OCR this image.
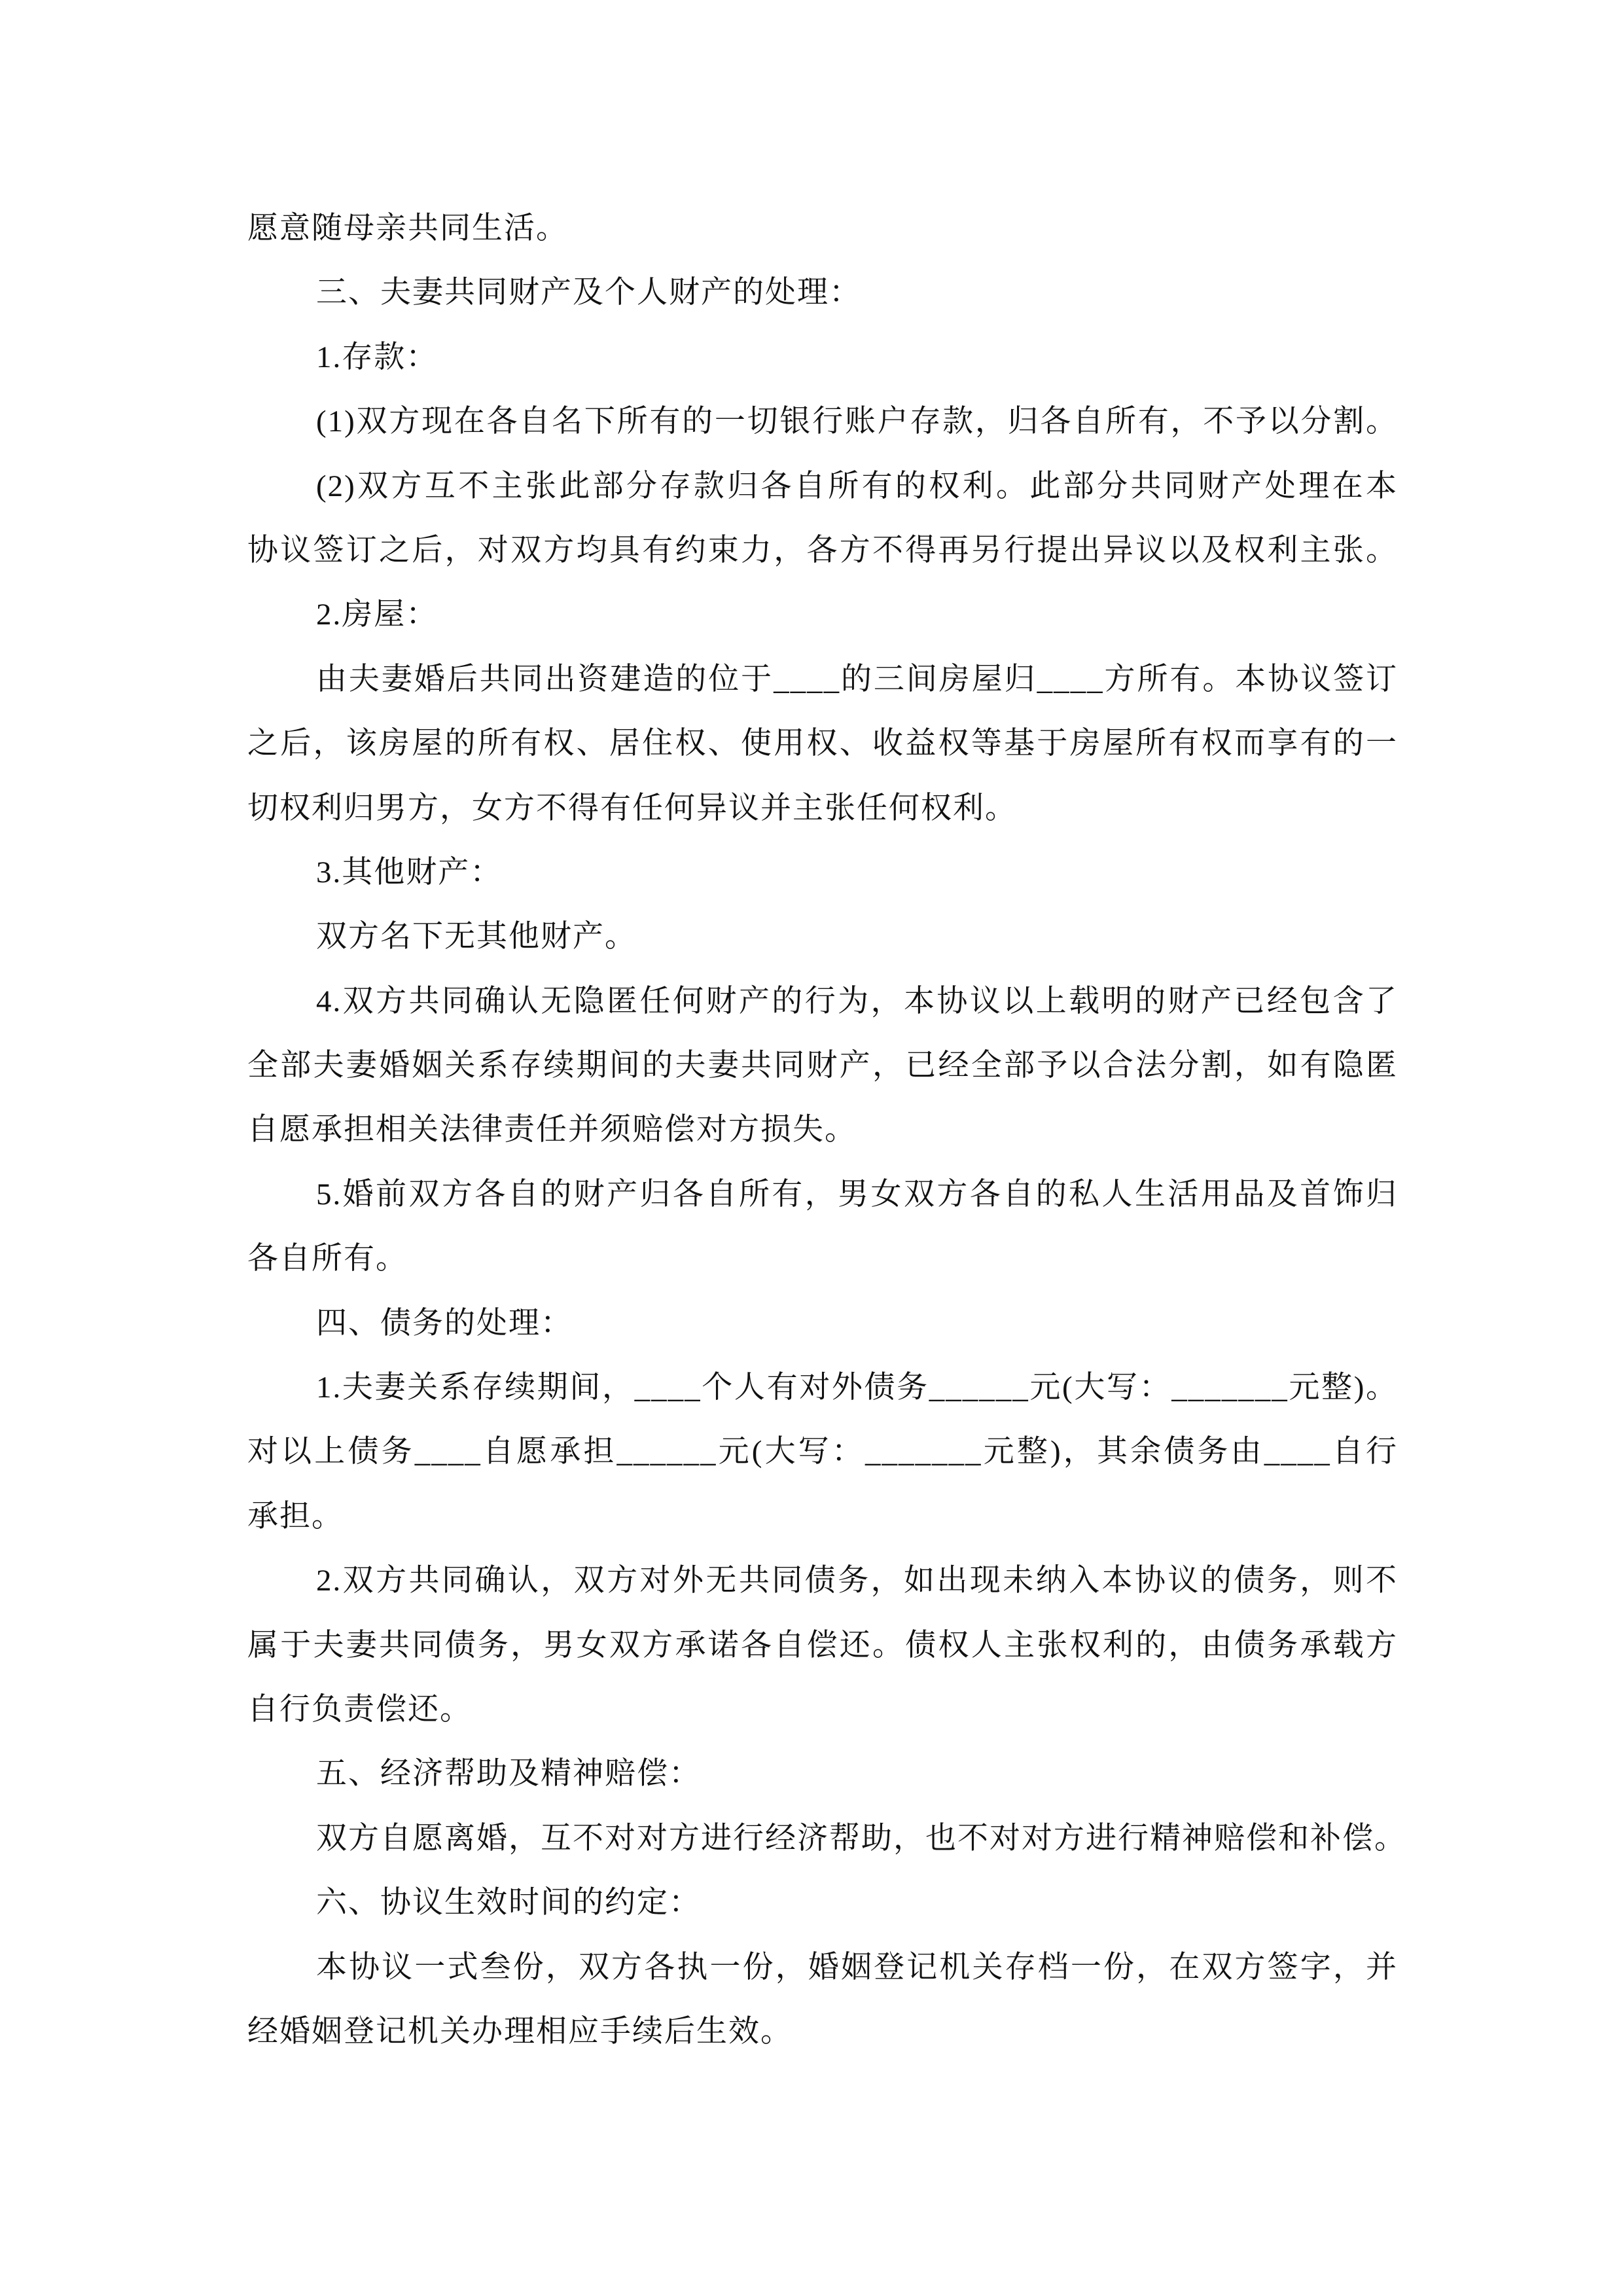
愿意随母亲共同生活。
三、夫妻共同财产及个人财产的处理：
1.存款：
(1)双方现在各自名下所有的一切银行账户存款，归各自所有，不予以分割。
(2)双方互不主张此部分存款归各自所有的权利。此部分共同财产处理在本
协议签订之后，对双方均具有约束力，各方不得再另行提出异议以及权利主张。
2.房屋：
由夫妻婚后共同出资建造的位于____的三间房屋归____方所有。本协议签订
之后，该房屋的所有权、居住权、使用权、收益权等基于房屋所有权而享有的一
切权利归男方，女方不得有任何异议并主张任何权利。
3.其他财产：
双方名下无其他财产。
4.双方共同确认无隐匿任何财产的行为，本协议以上载明的财产已经包含了
全部夫妻婚姻关系存续期间的夫妻共同财产，已经全部予以合法分割，如有隐匿
自愿承担相关法律责任并须赔偿对方损失。
5.婚前双方各自的财产归各自所有，男女双方各自的私人生活用品及首饰归
各自所有。
四、债务的处理：
1.夫妻关系存续期间，____个人有对外债务______元(大写：_______元整)。
对以上债务____自愿承担______元(大写：_______元整)，其余债务由____自行
承担。
2.双方共同确认，双方对外无共同债务，如出现未纳入本协议的债务，则不
属于夫妻共同债务，男女双方承诺各自偿还。债权人主张权利的，由债务承载方
自行负责偿还。
五、经济帮助及精神赔偿：
双方自愿离婚，互不对对方进行经济帮助，也不对对方进行精神赔偿和补偿。
六、协议生效时间的约定：
本协议一式叁份，双方各执一份，婚姻登记机关存档一份，在双方签字，并
经婚姻登记机关办理相应手续后生效。
